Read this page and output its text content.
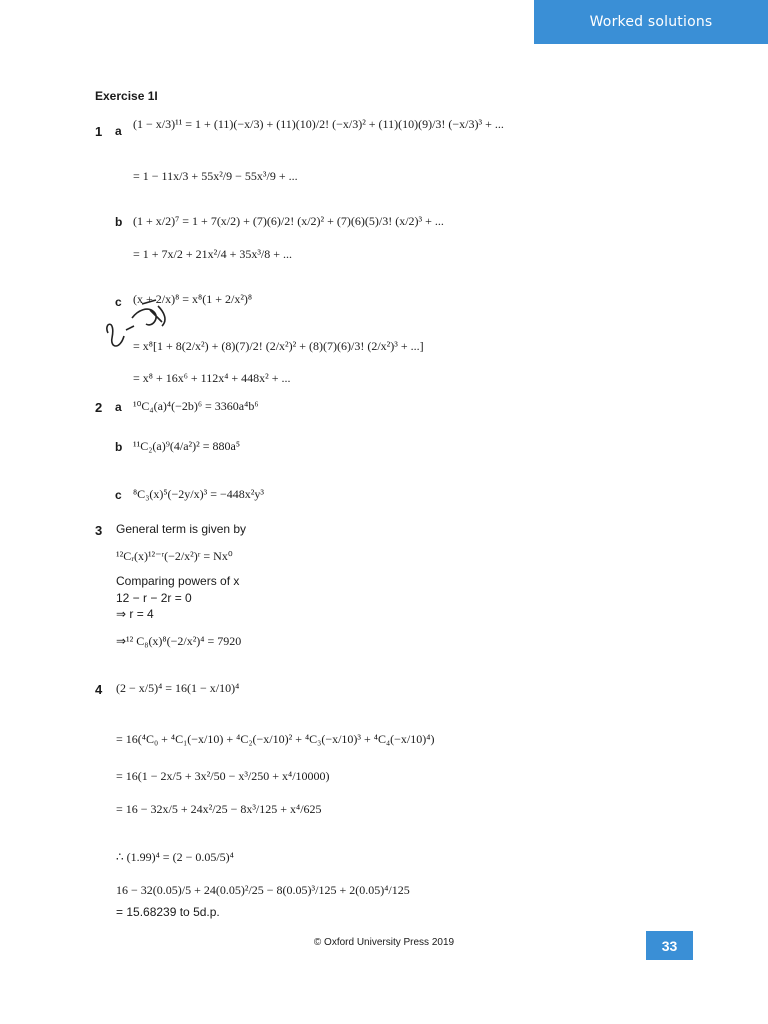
Worked solutions
Exercise 1I
1 a (1 − x/3)¹¹ = 1 + (11)(−x/3) + (11)(10)/2! (−x/3)² + (11)(10)(9)/3! (−x/3)³ + ...
= 1 − 11x/3 + 55x²/9 − 55x³/9 + ...
b (1 + x/2)⁷ = 1 + 7(x/2) + (7)(6)/2! (x/2)² + (7)(6)(5)/3! (x/2)³ + ...
= 1 + 7x/2 + 21x²/4 + 35x³/8 + ...
c (x + 2/x)⁸ = x⁸(1 + 2/x²)⁸
= x⁸[1 + 8(2/x²) + (8)(7)/2! (2/x²)² + (8)(7)(6)/3! (2/x²)³ + ...]
= x⁸ + 16x⁶ + 112x⁴ + 448x² + ...
2 a ¹⁰C₄(a)⁴(−2b)⁶ = 3360a⁴b⁶
b ¹¹C₂(a)⁹(4/a²)² = 880a⁵
c ⁸C₃(x)⁵(−2y/x)³ = −448x²y³
3 General term is given by
¹²Cᵣ(x)¹²⁻ʳ(−2/x²)ʳ = Nx⁰
Comparing powers of x
12 − r − 2r = 0
⇒ r = 4
⇒¹² C₈(x)⁸(−2/x²)⁴ = 7920
4 (2 − x/5)⁴ = 16(1 − x/10)⁴
= 16(⁴C₀ + ⁴C₁(−x/10) + ⁴C₂(−x/10)² + ⁴C₃(−x/10)³ + ⁴C₄(−x/10)⁴)
= 16(1 − 2x/5 + 3x²/50 − x³/250 + x⁴/10000)
= 16 − 32x/5 + 24x²/25 − 8x³/125 + x⁴/625
∴ (1.99)⁴ = (2 − 0.05/5)⁴
16 − 32(0.05)/5 + 24(0.05)²/25 − 8(0.05)³/125 + 2(0.05)⁴/125
= 15.68239 to 5d.p.
© Oxford University Press 2019	33
